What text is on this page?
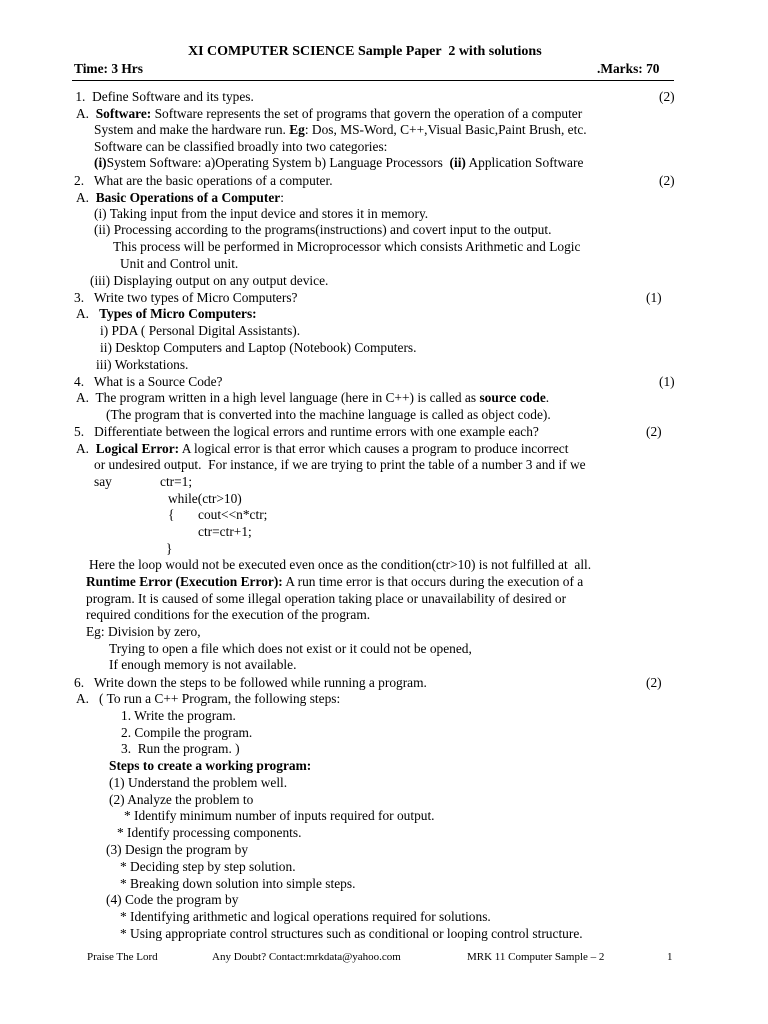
XI COMPUTER SCIENCE Sample Paper  2 with solutions
Time: 3 Hrs	.Marks: 70
1.  Define Software and its types.	(2)
A.  Software: Software represents the set of programs that govern the operation of a computer
System and make the hardware run. Eg: Dos, MS-Word, C++,Visual Basic,Paint Brush, etc.
Software can be classified broadly into two categories:
(i)System Software: a)Operating System b) Language Processors  (ii) Application Software
2.   What are the basic operations of a computer.	(2)
A.  Basic Operations of a Computer:
(i) Taking input from the input device and stores it in memory.
(ii) Processing according to the programs(instructions) and covert input to the output.
This process will be performed in Microprocessor which consists Arithmetic and Logic
Unit and Control unit.
(iii) Displaying output on any output device.
3.   Write two types of Micro Computers?	(1)
A.   Types of Micro Computers:
i) PDA ( Personal Digital Assistants).
ii) Desktop Computers and Laptop (Notebook) Computers.
iii) Workstations.
4.   What is a Source Code?	(1)
A.  The program written in a high level language (here in C++) is called as source code.
(The program that is converted into the machine language is called as object code).
5.   Differentiate between the logical errors and runtime errors with one example each?	(2)
A.  Logical Error: A logical error is that error which causes a program to produce incorrect
or undesired output.  For instance, if we are trying to print the table of a number 3 and if we
say	ctr=1;
while(ctr>10)
{ cout<<n*ctr;
ctr=ctr+1;
}
Here the loop would not be executed even once as the condition(ctr>10) is not fulfilled at  all.
Runtime Error (Execution Error): A run time error is that occurs during the execution of a
program. It is caused of some illegal operation taking place or unavailability of desired or
required conditions for the execution of the program.
Eg: Division by zero,
Trying to open a file which does not exist or it could not be opened,
If enough memory is not available.
6.   Write down the steps to be followed while running a program.	(2)
A.   ( To run a C++ Program, the following steps:
1. Write the program.
2. Compile the program.
3.  Run the program. )
Steps to create a working program:
(1) Understand the problem well.
(2) Analyze the problem to
* Identify minimum number of inputs required for output.
* Identify processing components.
(3) Design the program by
* Deciding step by step solution.
* Breaking down solution into simple steps.
(4) Code the program by
* Identifying arithmetic and logical operations required for solutions.
* Using appropriate control structures such as conditional or looping control structure.
Praise The Lord	Any Doubt? Contact:mrkdata@yahoo.com	MRK 11 Computer Sample – 2	1
